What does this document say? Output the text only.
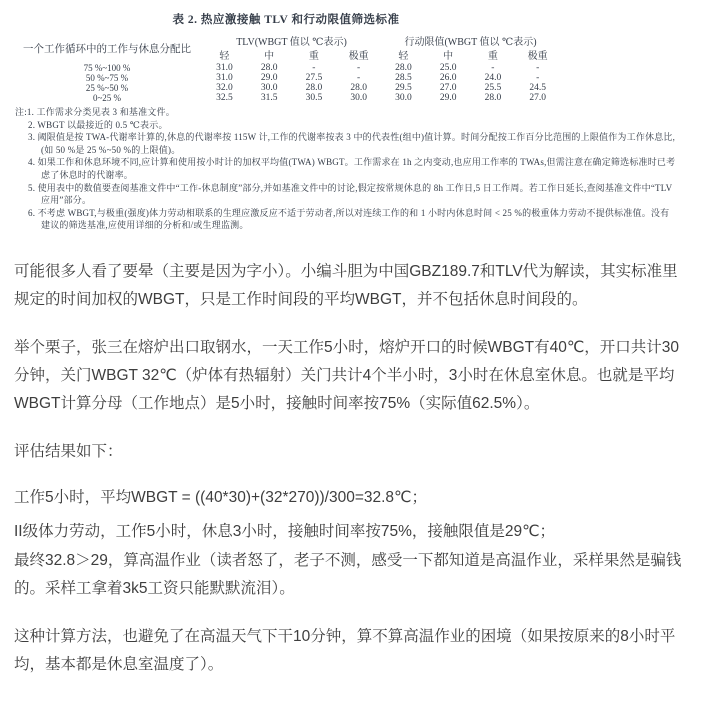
表 2. 热应激接触 TLV 和行动限值筛选标准
一个工作循环中的工作与休息分配比	TLV(WBGT 值以 ℃表示)				行动限值(WBGT 值以 ℃表示)			
	轻	中	重	极重	轻	中	重	极重
75 %~100 %	31.0	28.0	-	-	28.0	25.0	-	-
50 %~75 %	31.0	29.0	27.5	-	28.5	26.0	24.0	-
25 %~50 %	32.0	30.0	28.0	28.0	29.5	27.0	25.5	24.5
0~25 %	32.5	31.5	30.5	30.0	30.0	29.0	28.0	27.0
注:1. 工作需求分类见表 3 和基准文件。
2. WBGT 以最接近的 0.5 ℃表示。
3. 阈限值是按 TWA-代谢率计算的,休息的代谢率按 115W 计,工作的代谢率按表 3 中的代表性(组中)值计算。时间分配按工作百分比范围的上限值作为工作休息比,(如 50 %是 25 %~50 %的上限值)。
4. 如果工作和休息环境不同,应计算和使用按小时计的加权平均值(TWA) WBGT。工作需求在 1h 之内变动,也应用工作率的 TWAs,但需注意在确定筛选标准时已考虑了休息时的代谢率。
5. 使用表中的数值要查阅基准文件中“工作-休息制度”部分,并如基准文件中的讨论,假定按常规休息的 8h 工作日,5 日工作周。若工作日延长,查阅基准文件中“TLV 应用”部分。
6. 不考虑 WBGT,与极重(强度)体力劳动相联系的生理应激反应不适于劳动者,所以对连续工作的和 1 小时内休息时间 < 25 %的极重体力劳动不提供标准值。没有建议的筛选基准,应使用详细的分析和/或生理监测。

可能很多人看了要晕（主要是因为字小）。小编斗胆为中国GBZ189.7和TLV代为解读，其实标准里规定的时间加权的WBGT，只是工作时间段的平均WBGT，并不包括休息时间段的。

举个栗子，张三在熔炉出口取钢水，一天工作5小时，熔炉开口的时候WBGT有40℃，开口共计30分钟，关门WBGT 32℃（炉体有热辐射）关门共计4个半小时，3小时在休息室休息。也就是平均WBGT计算分母（工作地点）是5小时，接触时间率按75%（实际值62.5%）。

评估结果如下：

工作5小时，平均WBGT = ((40*30)+(32*270))/300=32.8℃；

II级体力劳动，工作5小时，休息3小时，接触时间率按75%，接触限值是29℃；

最终32.8＞29，算高温作业（读者怒了，老子不测，感受一下都知道是高温作业，采样果然是骗钱的。采样工拿着3k5工资只能默默流泪）。

这种计算方法，也避免了在高温天气下干10分钟，算不算高温作业的困境（如果按原来的8小时平均，基本都是休息室温度了）。
